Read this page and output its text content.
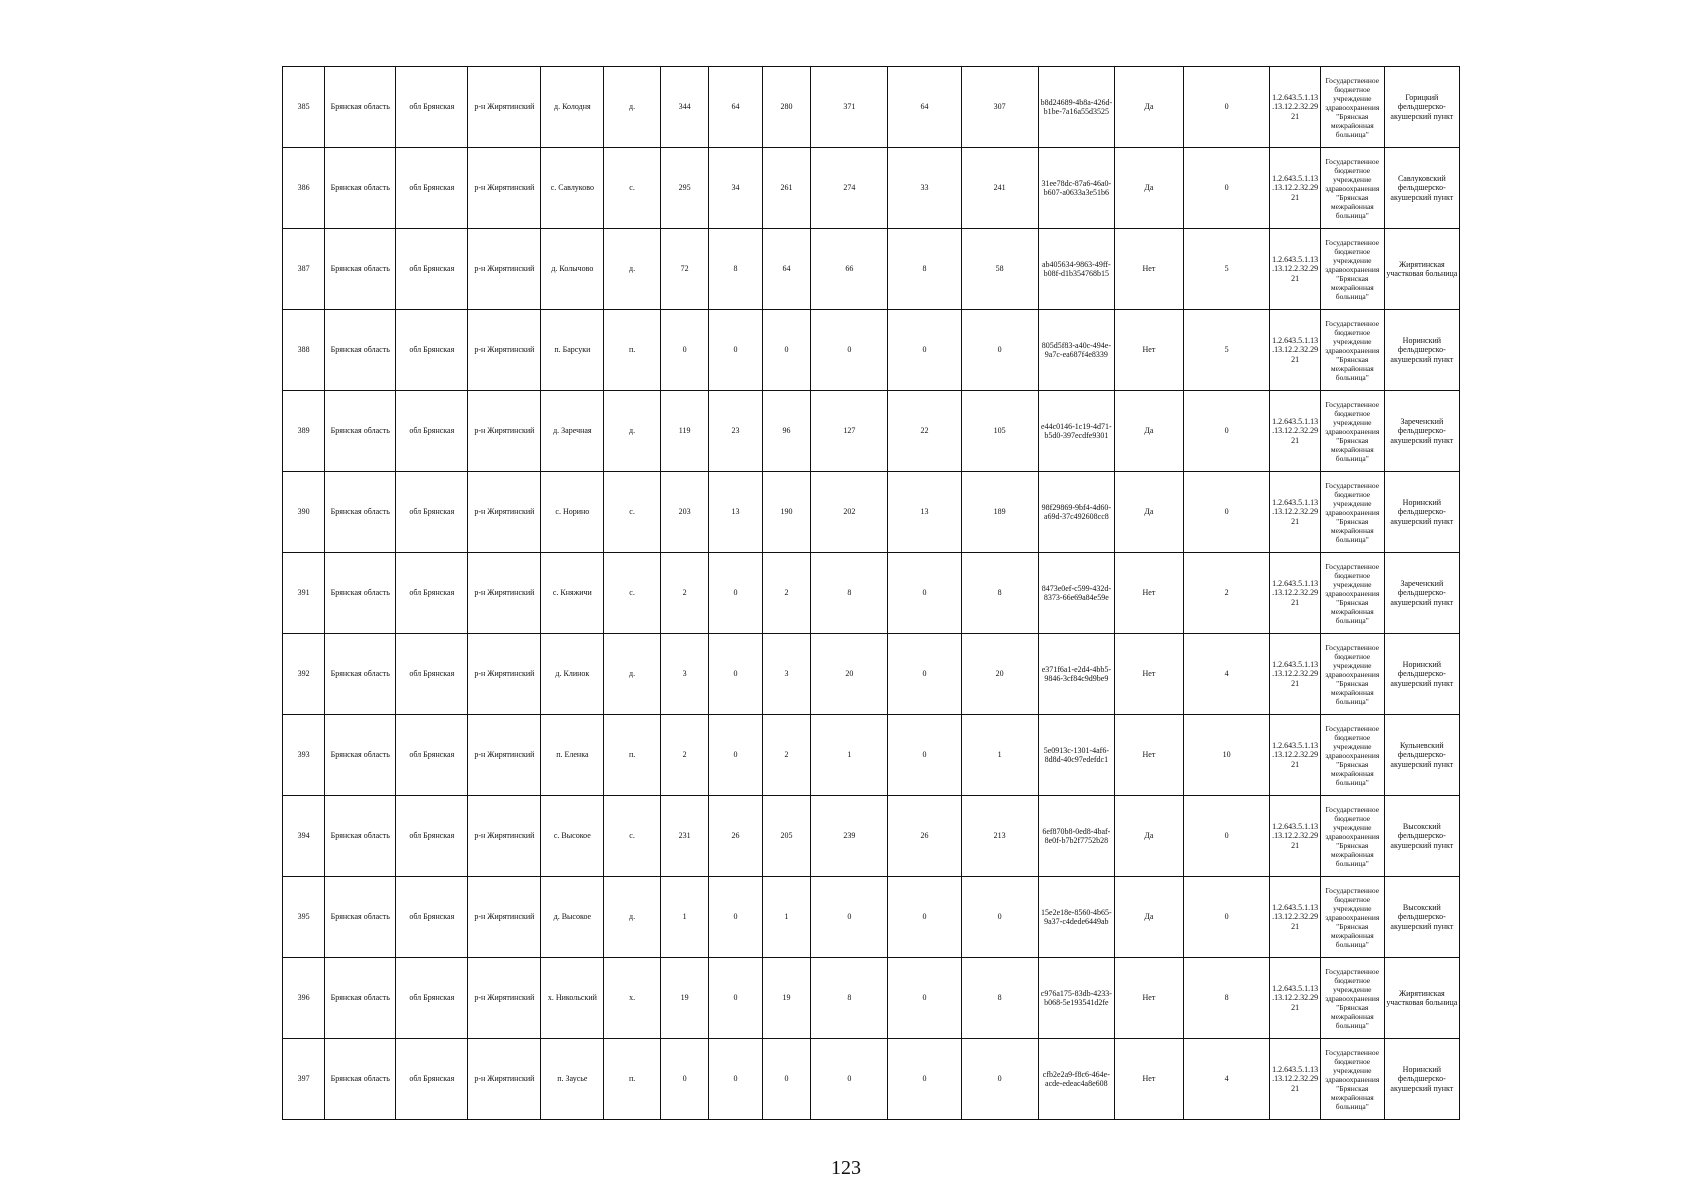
385	Брянская область	обл Брянская	р-н Жирятинский	д. Колодня	д.	344	64	280	371	64	307	b8d24689-4b8a-426d-b1be-7a16a55d3525	Да	0	1.2.643.5.1.13.13.12.2.32.2921	Государственное бюджетное учреждение здравоохранения "Брянская межрайонная больница"	Горицкий фельдшерско-акушерский пункт
386	Брянская область	обл Брянская	р-н Жирятинский	с. Савлуково	с.	295	34	261	274	33	241	31ee78dc-87a6-46a0-b607-a0633a3e51b6	Да	0	1.2.643.5.1.13.13.12.2.32.2921	Государственное бюджетное учреждение здравоохранения "Брянская межрайонная больница"	Савлуковский фельдшерско-акушерский пункт
387	Брянская область	обл Брянская	р-н Жирятинский	д. Колычово	д.	72	8	64	66	8	58	ab405634-9863-49ff-b08f-d1b354768b15	Нет	5	1.2.643.5.1.13.13.12.2.32.2921	Государственное бюджетное учреждение здравоохранения "Брянская межрайонная больница"	Жирятинская участковая больница
388	Брянская область	обл Брянская	р-н Жирятинский	п. Барсуки	п.	0	0	0	0	0	0	805d5f83-a40c-494e-9a7c-ea687f4e8339	Нет	5	1.2.643.5.1.13.13.12.2.32.2921	Государственное бюджетное учреждение здравоохранения "Брянская межрайонная больница"	Норинский фельдшерско-акушерский пункт
389	Брянская область	обл Брянская	р-н Жирятинский	д. Заречная	д.	119	23	96	127	22	105	e44c0146-1c19-4d71-b5d0-397ecdfe9301	Да	0	1.2.643.5.1.13.13.12.2.32.2921	Государственное бюджетное учреждение здравоохранения "Брянская межрайонная больница"	Зареченский фельдшерско-акушерский пункт
390	Брянская область	обл Брянская	р-н Жирятинский	с. Норино	с.	203	13	190	202	13	189	98f29869-9bf4-4d60-a69d-37c492608cc8	Да	0	1.2.643.5.1.13.13.12.2.32.2921	Государственное бюджетное учреждение здравоохранения "Брянская межрайонная больница"	Норинский фельдшерско-акушерский пункт
391	Брянская область	обл Брянская	р-н Жирятинский	с. Княжичи	с.	2	0	2	8	0	8	8473e0ef-c599-432d-8373-66e69a84e59e	Нет	2	1.2.643.5.1.13.13.12.2.32.2921	Государственное бюджетное учреждение здравоохранения "Брянская межрайонная больница"	Зареченский фельдшерско-акушерский пункт
392	Брянская область	обл Брянская	р-н Жирятинский	д. Клинок	д.	3	0	3	20	0	20	e371f6a1-e2d4-4bb5-9846-3cf84c9d9be9	Нет	4	1.2.643.5.1.13.13.12.2.32.2921	Государственное бюджетное учреждение здравоохранения "Брянская межрайонная больница"	Норинский фельдшерско-акушерский пункт
393	Брянская область	обл Брянская	р-н Жирятинский	п. Еленка	п.	2	0	2	1	0	1	5e0913c-1301-4af6-8d8d-40c97edefdc1	Нет	10	1.2.643.5.1.13.13.12.2.32.2921	Государственное бюджетное учреждение здравоохранения "Брянская межрайонная больница"	Кульневский фельдшерско-акушерский пункт
394	Брянская область	обл Брянская	р-н Жирятинский	с. Высокое	с.	231	26	205	239	26	213	6ef870b8-0ed8-4baf-8e0f-b7b2f7752b28	Да	0	1.2.643.5.1.13.13.12.2.32.2921	Государственное бюджетное учреждение здравоохранения "Брянская межрайонная больница"	Высокский фельдшерско-акушерский пункт
395	Брянская область	обл Брянская	р-н Жирятинский	д. Высокое	д.	1	0	1	0	0	0	15e2e18e-8560-4b65-9a37-c4dede6449ab	Да	0	1.2.643.5.1.13.13.12.2.32.2921	Государственное бюджетное учреждение здравоохранения "Брянская межрайонная больница"	Высокский фельдшерско-акушерский пункт
396	Брянская область	обл Брянская	р-н Жирятинский	х. Никольский	х.	19	0	19	8	0	8	c976a175-83db-4233-b068-5e193541d2fe	Нет	8	1.2.643.5.1.13.13.12.2.32.2921	Государственное бюджетное учреждение здравоохранения "Брянская межрайонная больница"	Жирятинская участковая больница
397	Брянская область	обл Брянская	р-н Жирятинский	п. Заусье	п.	0	0	0	0	0	0	cfb2e2a9-f8c6-464e-acde-edeac4a8e608	Нет	4	1.2.643.5.1.13.13.12.2.32.2921	Государственное бюджетное учреждение здравоохранения "Брянская межрайонная больница"	Норинский фельдшерско-акушерский пункт
123
